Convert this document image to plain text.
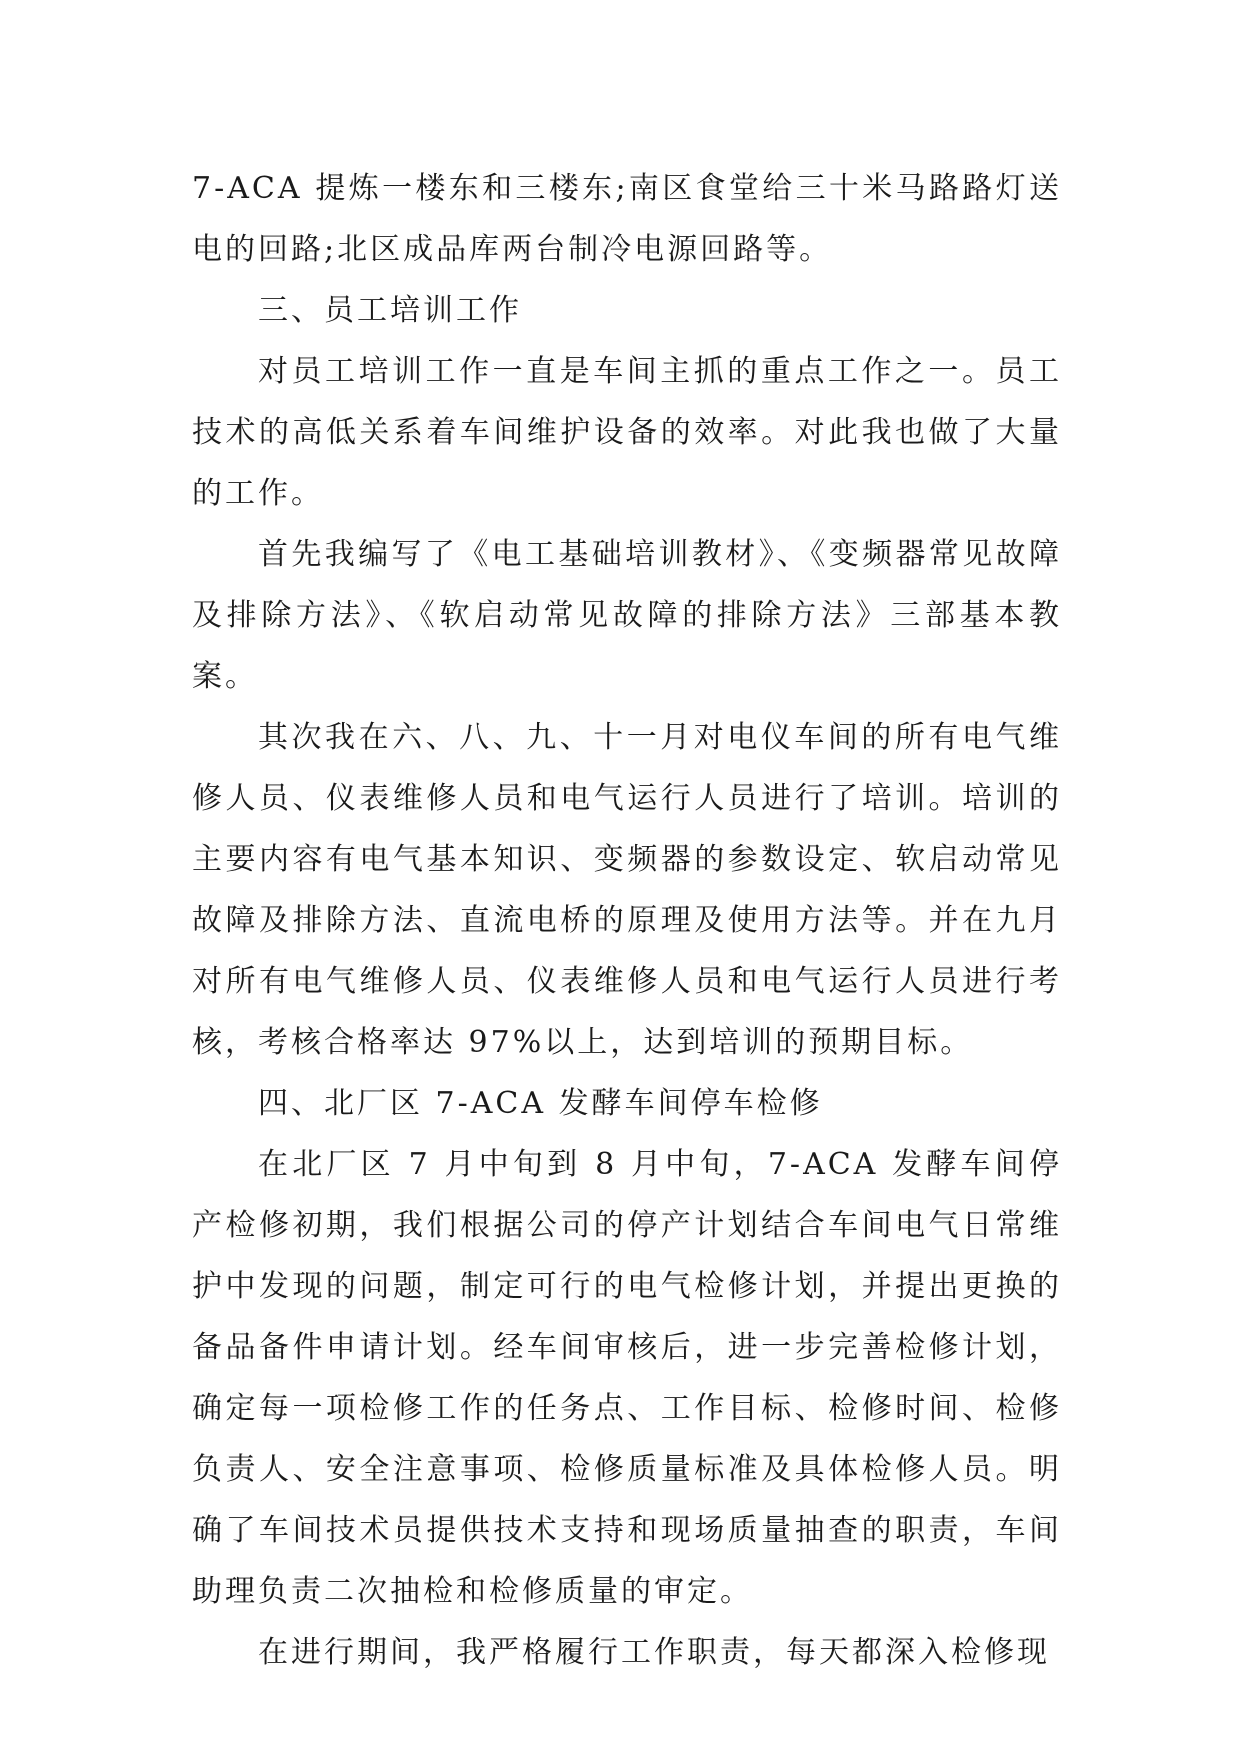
7-ACA 提炼一楼东和三楼东;南区食堂给三十米马路路灯送电的回路;北区成品库两台制冷电源回路等。

三、员工培训工作

对员工培训工作一直是车间主抓的重点工作之一。员工技术的高低关系着车间维护设备的效率。对此我也做了大量的工作。

首先我编写了《电工基础培训教材》、《变频器常见故障及排除方法》、《软启动常见故障的排除方法》三部基本教案。

其次我在六、八、九、十一月对电仪车间的所有电气维修人员、仪表维修人员和电气运行人员进行了培训。培训的主要内容有电气基本知识、变频器的参数设定、软启动常见故障及排除方法、直流电桥的原理及使用方法等。并在九月对所有电气维修人员、仪表维修人员和电气运行人员进行考核，考核合格率达 97%以上，达到培训的预期目标。

四、北厂区 7-ACA 发酵车间停车检修

在北厂区 7 月中旬到 8 月中旬，7-ACA 发酵车间停产检修初期，我们根据公司的停产计划结合车间电气日常维护中发现的问题，制定可行的电气检修计划，并提出更换的备品备件申请计划。经车间审核后，进一步完善检修计划，确定每一项检修工作的任务点、工作目标、检修时间、检修负责人、安全注意事项、检修质量标准及具体检修人员。明确了车间技术员提供技术支持和现场质量抽查的职责，车间助理负责二次抽检和检修质量的审定。

在进行期间，我严格履行工作职责，每天都深入检修现
